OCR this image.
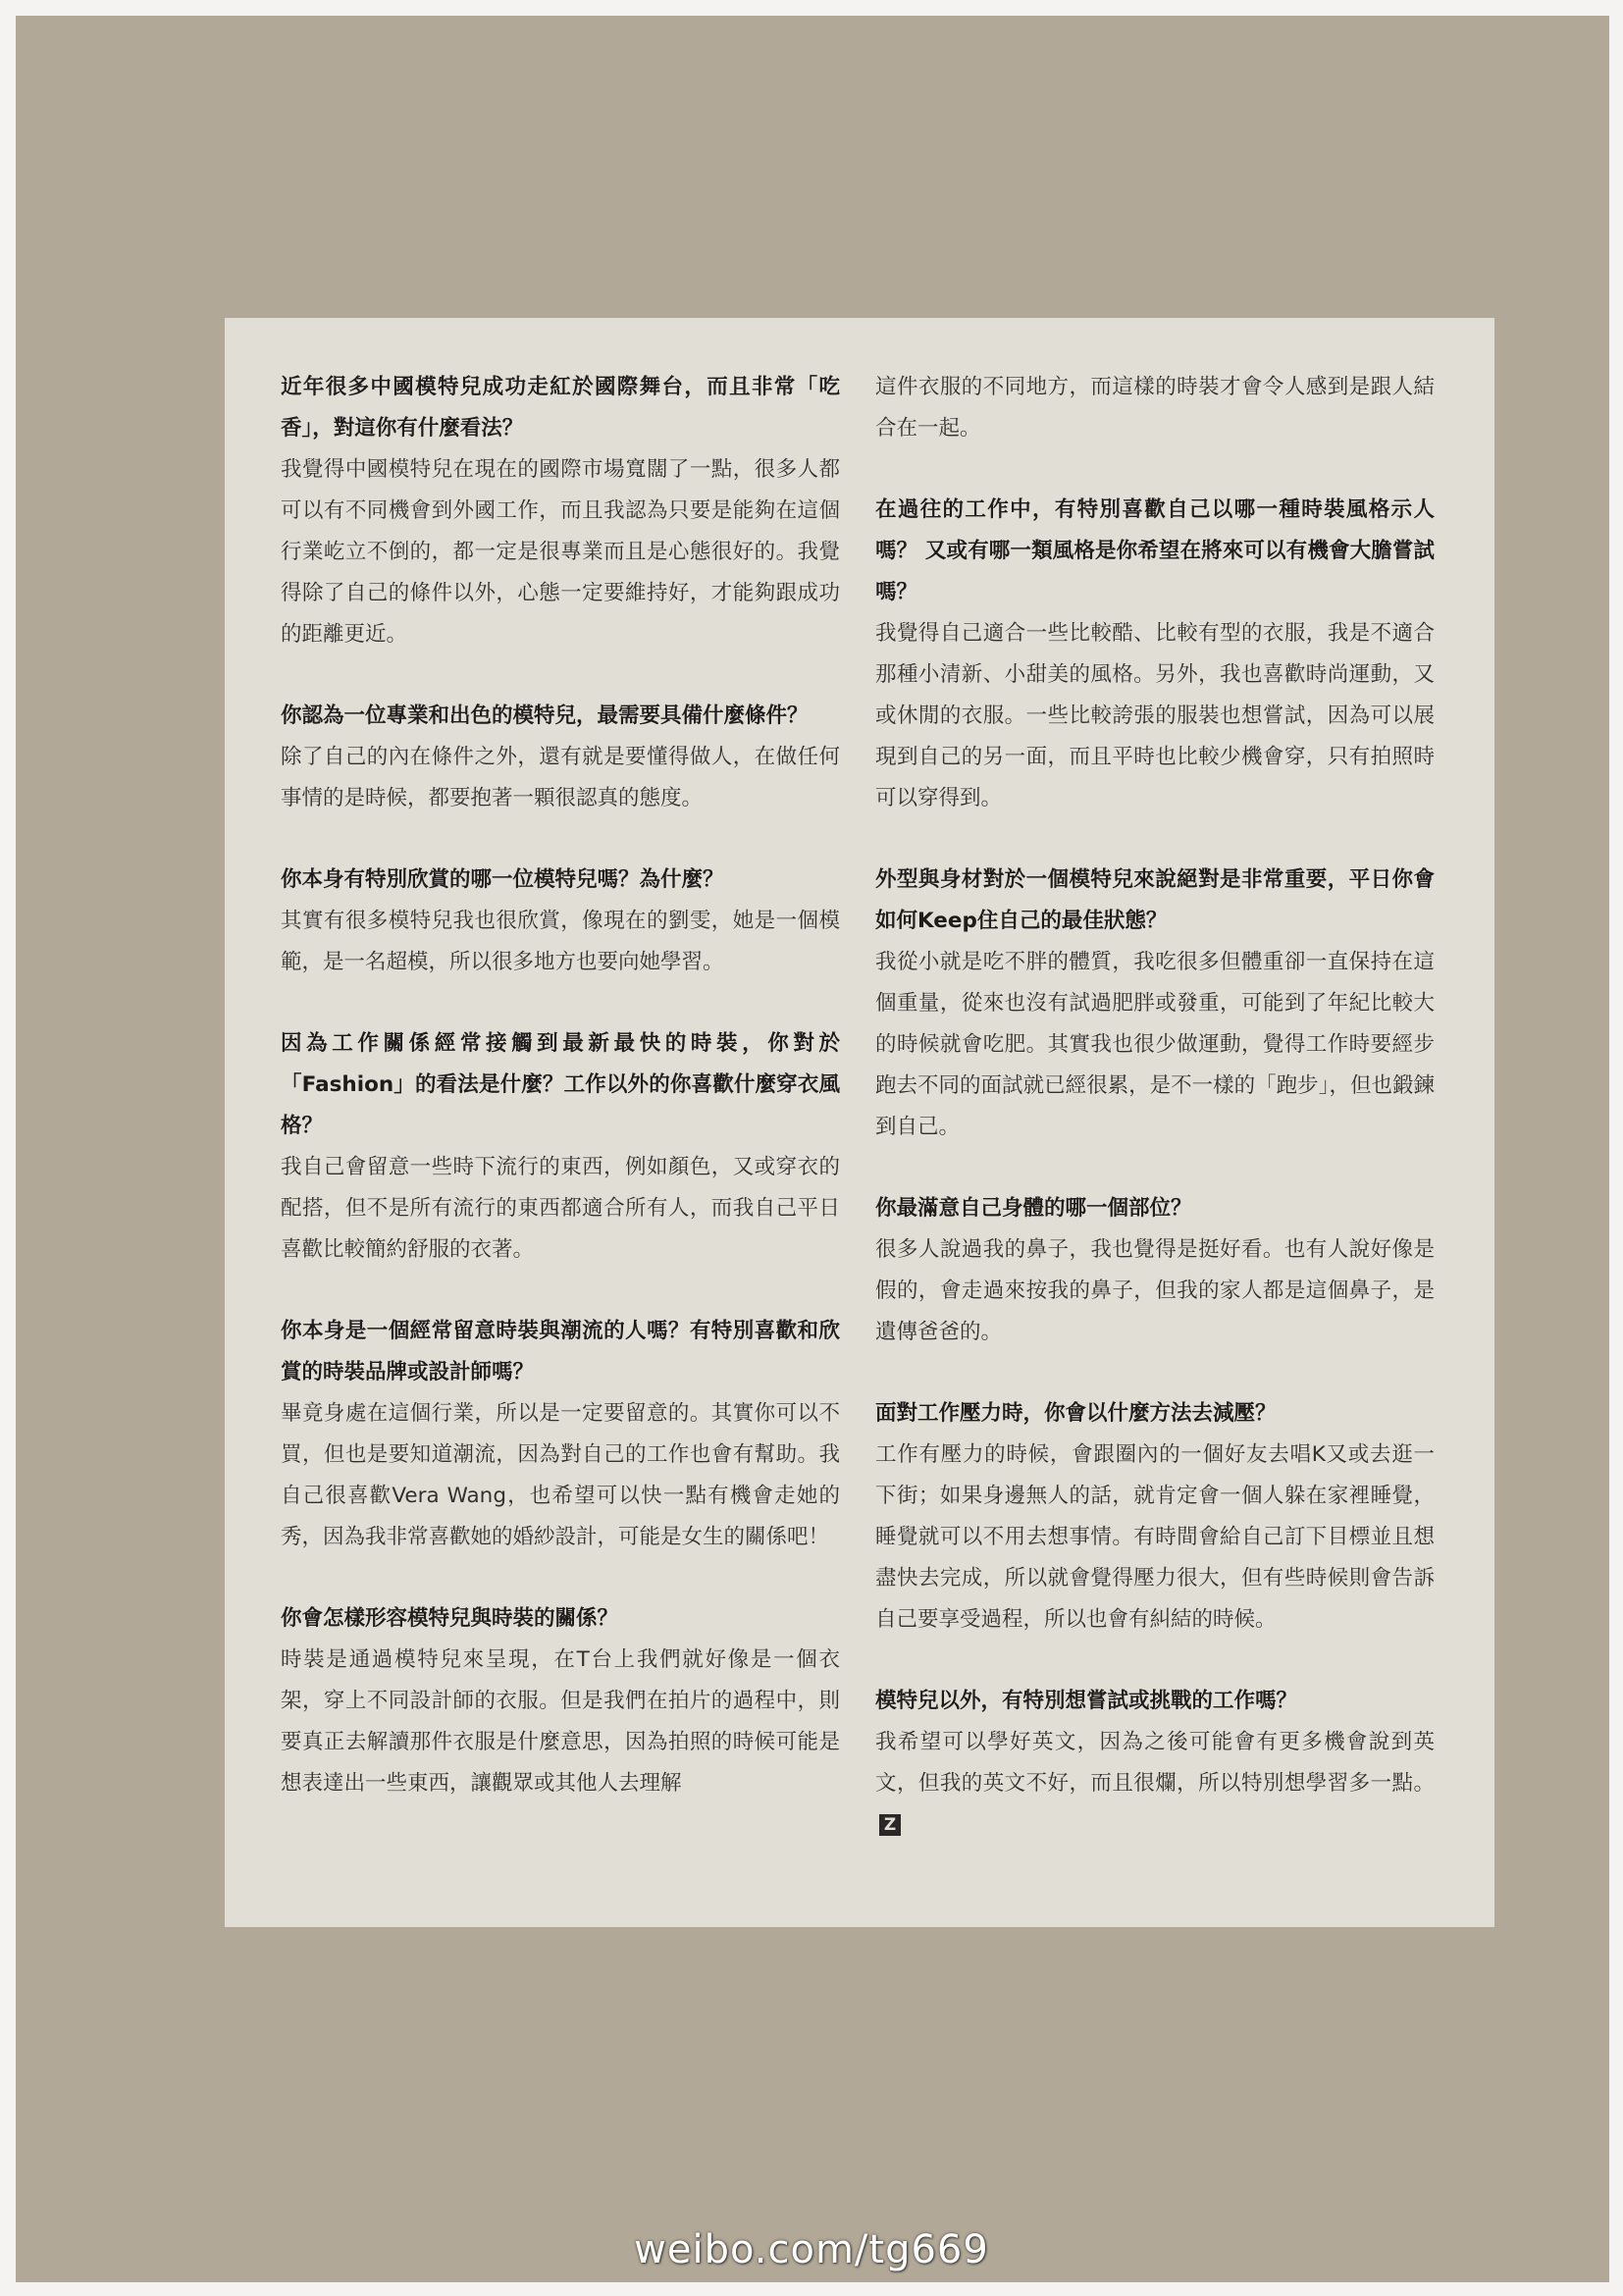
近年很多中國模特兒成功走紅於國際舞台，而且非常「吃香」，對這你有什麼看法？

我覺得中國模特兒在現在的國際市場寬闊了一點，很多人都可以有不同機會到外國工作，而且我認為只要是能夠在這個行業屹立不倒的，都一定是很專業而且是心態很好的。我覺得除了自己的條件以外，心態一定要維持好，才能夠跟成功的距離更近。

你認為一位專業和出色的模特兒，最需要具備什麼條件？

除了自己的內在條件之外，還有就是要懂得做人，在做任何事情的是時候，都要抱著一顆很認真的態度。

你本身有特別欣賞的哪一位模特兒嗎？為什麼？

其實有很多模特兒我也很欣賞，像現在的劉雯，她是一個模範，是一名超模，所以很多地方也要向她學習。

因為工作關係經常接觸到最新最快的時裝，你對於「Fashion」的看法是什麼？工作以外的你喜歡什麼穿衣風格？

我自己會留意一些時下流行的東西，例如顏色，又或穿衣的配搭，但不是所有流行的東西都適合所有人，而我自己平日喜歡比較簡約舒服的衣著。

你本身是一個經常留意時裝與潮流的人嗎？有特別喜歡和欣賞的時裝品牌或設計師嗎？

畢竟身處在這個行業，所以是一定要留意的。其實你可以不買，但也是要知道潮流，因為對自己的工作也會有幫助。我自己很喜歡Vera Wang，也希望可以快一點有機會走她的秀，因為我非常喜歡她的婚紗設計，可能是女生的關係吧！

你會怎樣形容模特兒與時裝的關係？

時裝是通過模特兒來呈現，在T台上我們就好像是一個衣架，穿上不同設計師的衣服。但是我們在拍片的過程中，則要真正去解讀那件衣服是什麼意思，因為拍照的時候可能是想表達出一些東西，讓觀眾或其他人去理解

這件衣服的不同地方，而這樣的時裝才會令人感到是跟人結合在一起。

在過往的工作中，有特別喜歡自己以哪一種時裝風格示人嗎？ 又或有哪一類風格是你希望在將來可以有機會大膽嘗試嗎？

我覺得自己適合一些比較酷、比較有型的衣服，我是不適合那種小清新、小甜美的風格。另外，我也喜歡時尚運動，又或休閒的衣服。一些比較誇張的服裝也想嘗試，因為可以展現到自己的另一面，而且平時也比較少機會穿，只有拍照時可以穿得到。

外型與身材對於一個模特兒來說絕對是非常重要，平日你會如何Keep住自己的最佳狀態？

我從小就是吃不胖的體質，我吃很多但體重卻一直保持在這個重量，從來也沒有試過肥胖或發重，可能到了年紀比較大的時候就會吃肥。其實我也很少做運動，覺得工作時要經步跑去不同的面試就已經很累，是不一樣的「跑步」，但也鍛鍊到自己。

你最滿意自己身體的哪一個部位？

很多人說過我的鼻子，我也覺得是挺好看。也有人說好像是假的，會走過來按我的鼻子，但我的家人都是這個鼻子，是遺傳爸爸的。

面對工作壓力時，你會以什麼方法去減壓？

工作有壓力的時候，會跟圈內的一個好友去唱K又或去逛一下街；如果身邊無人的話，就肯定會一個人躲在家裡睡覺，睡覺就可以不用去想事情。有時間會給自己訂下目標並且想盡快去完成，所以就會覺得壓力很大，但有些時候則會告訴自己要享受過程，所以也會有糾結的時候。

模特兒以外，有特別想嘗試或挑戰的工作嗎？

我希望可以學好英文，因為之後可能會有更多機會說到英文，但我的英文不好，而且很爛，所以特別想學習多一點。Z

weibo.com/tg669
